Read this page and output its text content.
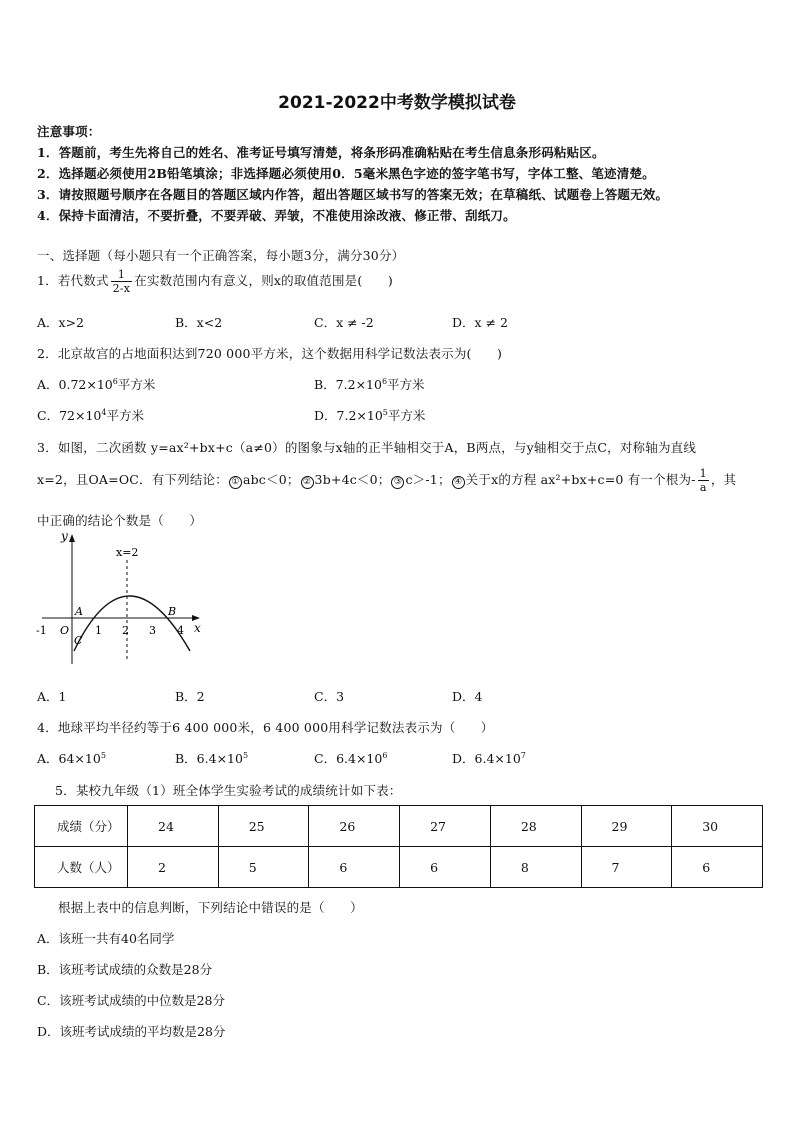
2021-2022中考数学模拟试卷
注意事项：
1．答题前，考生先将自己的姓名、准考证号填写清楚，将条形码准确粘贴在考生信息条形码粘贴区。
2．选择题必须使用2B铅笔填涂；非选择题必须使用0．5毫米黑色字迹的签字笔书写，字体工整、笔迹清楚。
3．请按照题号顺序在各题目的答题区域内作答，超出答题区域书写的答案无效；在草稿纸、试题卷上答题无效。
4．保持卡面清洁，不要折叠，不要弄破、弄皱，不准使用涂改液、修正带、刮纸刀。
一、选择题（每小题只有一个正确答案，每小题3分，满分30分）
1．若代数式 $\frac{1}{2-x}$ 在实数范围内有意义，则x的取值范围是(　　)
A．x>2	B．x<2	C．x ≠ -2	D．x ≠ 2
2．北京故宫的占地面积达到720 000平方米，这个数据用科学记数法表示为(　　)
A．$0.72\times 10^6$平方米	B．$7.2\times 10^6$平方米
C．$72\times 10^4$平方米	D．$7.2\times 10^5$平方米
3．如图，二次函数 y=ax²+bx+c（a≠0）的图象与x轴的正半轴相交于A，B两点，与y轴相交于点C，对称轴为直线
x=2，且OA=OC．有下列结论： ① abc＜0； ② 3b+4c＜0； ③ c＞-1； ④ 关于x的方程 ax²+bx+c=0 有一个根为- $\frac{1}{a}$ ，其
中正确的结论个数是（　　）
y
x
x=2
A	B
C
O
-1	1 2 3 4
A．1	B．2	C．3	D．4
4．地球平均半径约等于6 400 000米，6 400 000用科学记数法表示为（　　）
A．$64\times 10^5$	B．$6.4\times 10^5$	C．$6.4\times 10^6$	D．$6.4\times 10^7$
5．某校九年级（1）班全体学生实验考试的成绩统计如下表：
成绩（分）	24	25	26	27	28	29	30
人数（人）	2	5	6	6	8	7	6
根据上表中的信息判断，下列结论中错误的是（　　）
A．该班一共有40名同学
B．该班考试成绩的众数是28分
C．该班考试成绩的中位数是28分
D．该班考试成绩的平均数是28分
